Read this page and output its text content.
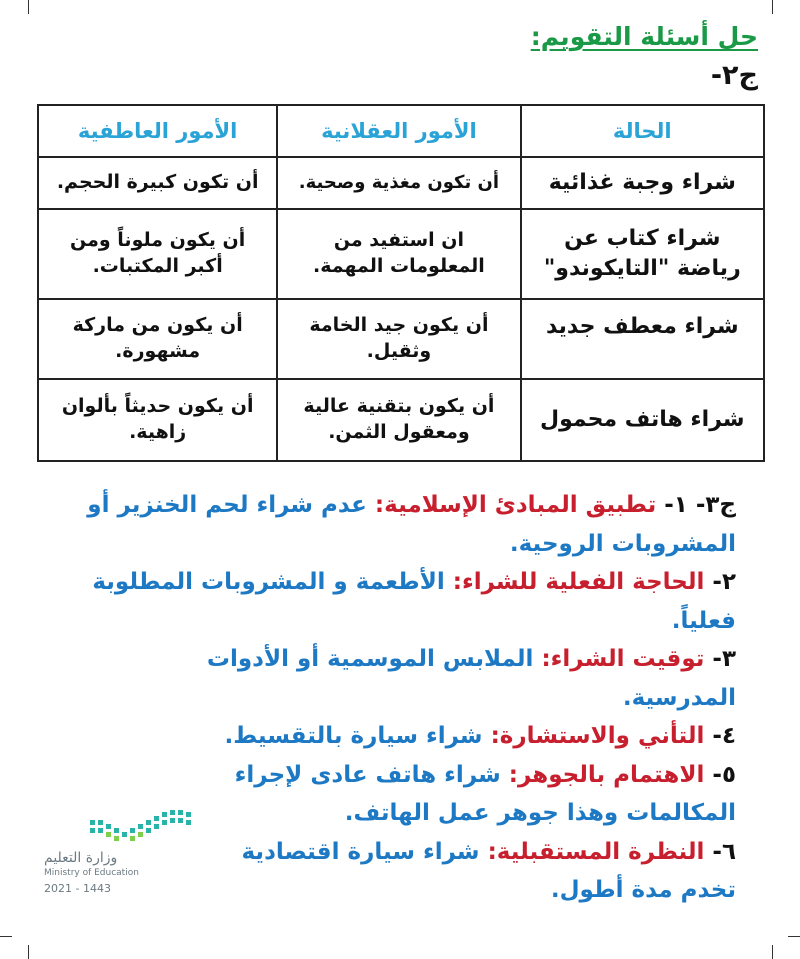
حل أسئلة التقويم:
ج٢-
الحالة	الأمور العقلانية	الأمور العاطفية
شراء وجبة غذائية	أن تكون مغذية وصحية.	أن تكون كبيرة الحجم.
شراء كتاب عن رياضة "التايكوندو"	ان استفيد من المعلومات المهمة.	أن يكون ملوناً ومن أكبر المكتبات.
شراء معطف جديد	أن يكون جيد الخامة وثقيل.	أن يكون من ماركة مشهورة.
شراء هاتف محمول	أن يكون بتقنية عالية ومعقول الثمن.	أن يكون حديثاً بألوان زاهية.

ج٣- ١- تطبيق المبادئ الإسلامية: عدم شراء لحم الخنزير أو المشروبات الروحية.

٢- الحاجة الفعلية للشراء: الأطعمة و المشروبات المطلوبة فعلياً.

٣- توقيت الشراء: الملابس الموسمية أو الأدوات المدرسية.

٤- التأني والاستشارة: شراء سيارة بالتقسيط.

٥- الاهتمام بالجوهر: شراء هاتف عادى لإجراء المكالمات وهذا جوهر عمل الهاتف.

٦- النظرة المستقبلية: شراء سيارة اقتصادية تخدم مدة أطول.

وزارة التعليم
Ministry of Education
2021 - 1443
